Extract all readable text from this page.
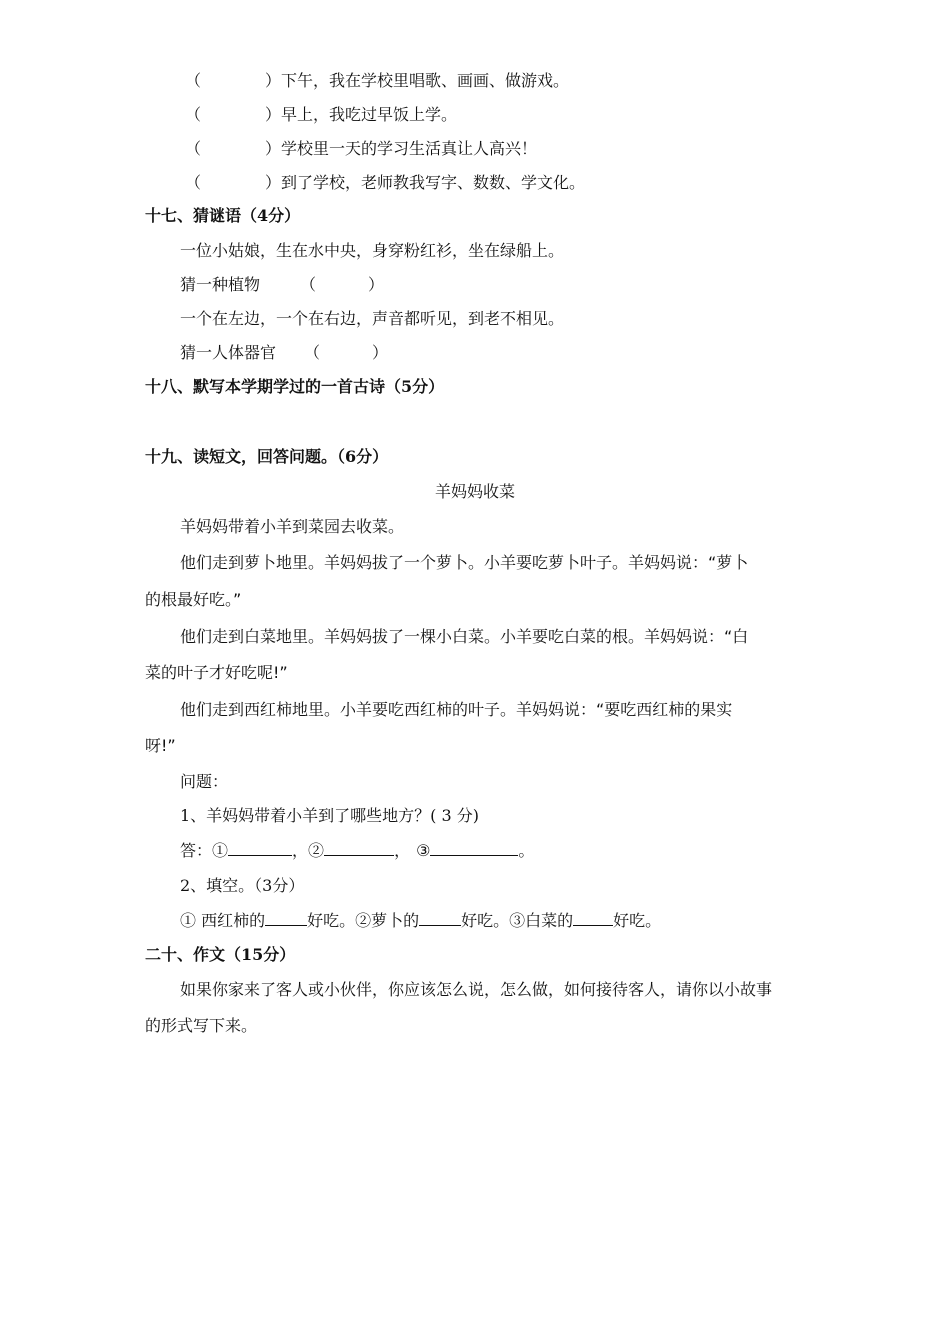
（	）下午，我在学校里唱歌、画画、做游戏。
（	）早上，我吃过早饭上学。
（	）学校里一天的学习生活真让人高兴！
（	）到了学校，老师教我写字、数数、学文化。
十七、猜谜语（4分）
一位小姑娘，生在水中央，身穿粉红衫，坐在绿船上。
猜一种植物	（	）
一个在左边，一个在右边，声音都听见，到老不相见。
猜一人体器官 （	）
十八、默写本学期学过的一首古诗（5分）
十九、读短文，回答问题。（6分）
羊妈妈收菜
羊妈妈带着小羊到菜园去收菜。
他们走到萝卜地里。羊妈妈拔了一个萝卜。小羊要吃萝卜叶子。羊妈妈说：“萝卜
的根最好吃。”
他们走到白菜地里。羊妈妈拔了一棵小白菜。小羊要吃白菜的根。羊妈妈说：“白
菜的叶子才好吃呢!”
他们走到西红柿地里。小羊要吃西红柿的叶子。羊妈妈说：“要吃西红柿的果实
呀!”
问题：
1、羊妈妈带着小羊到了哪些地方？( 3 分)
答：①	，②	， ③	。
2、填空。（3分）
① 西红柿的	好吃。②萝卜的	好吃。③白菜的	好吃。
二十、作文（15分）
如果你家来了客人或小伙伴，你应该怎么说，怎么做，如何接待客人，请你以小故事
的形式写下来。
